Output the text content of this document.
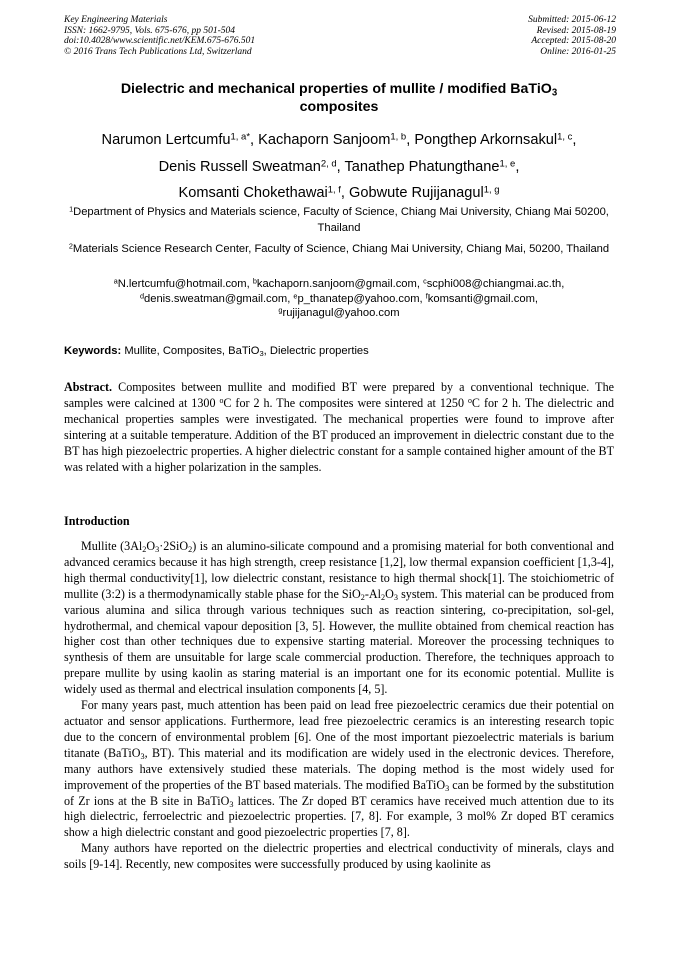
Key Engineering Materials
ISSN: 1662-9795, Vols. 675-676, pp 501-504
doi:10.4028/www.scientific.net/KEM.675-676.501
© 2016 Trans Tech Publications Ltd, Switzerland
Submitted: 2015-06-12
Revised: 2015-08-19
Accepted: 2015-08-20
Online: 2016-01-25
Dielectric and mechanical properties of mullite / modified BaTiO$_3$
composites
Narumon Lertcumfu$^{1, a*}$, Kachaporn Sanjoom$^{1, b}$, Pongthep Arkornsakul$^{1, c}$,
Denis Russell Sweatman$^{2, d}$, Tanathep Phatungthane$^{1, e}$,
Komsanti Chokethawai$^{1, f}$, Gobwute Rujijanagul$^{1, g}$
$^1$Department of Physics and Materials science, Faculty of Science, Chiang Mai University, Chiang Mai 50200, Thailand
$^2$Materials Science Research Center, Faculty of Science, Chiang Mai University, Chiang Mai, 50200, Thailand
$^a$N.lertcumfu@hotmail.com, $^b$kachaporn.sanjoom@gmail.com, $^c$scphi008@chiangmai.ac.th,
$^d$denis.sweatman@gmail.com, $^e$p_thanatep@yahoo.com, $^f$komsanti@gmail.com,
$^g$rujijanagul@yahoo.com
Keywords: Mullite, Composites, BaTiO$_3$, Dielectric properties
Abstract. Composites between mullite and modified BT were prepared by a conventional technique. The samples were calcined at 1300 $^o$C for 2 h. The composites were sintered at 1250 $^o$C for 2 h. The dielectric and mechanical properties samples were investigated. The mechanical properties were found to improve after sintering at a suitable temperature. Addition of the BT produced an improvement in dielectric constant due to the BT has high piezoelectric properties. A higher dielectric constant for a sample contained higher amount of the BT was related with a higher polarization in the samples.
Introduction

Mullite $(3Al_2O_3\cdot 2SiO_2)$ is an alumino-silicate compound and a promising material for both conventional and advanced ceramics because it has high strength, creep resistance [1,2], low thermal expansion coefficient [1,3-4], high thermal conductivity[1], low dielectric constant, resistance to high thermal shock[1]. The stoichiometric of mullite (3:2) is a thermodynamically stable phase for the $SiO_2-Al_2O_3$ system. This material can be produced from various alumina and silica through various techniques such as reaction sintering, co-precipitation, sol-gel, hydrothermal, and chemical vapour deposition [3, 5]. However, the mullite obtained from chemical reaction has higher cost than other techniques due to expensive starting material. Moreover the processing techniques to synthesis of them are unsuitable for large scale commercial production. Therefore, the techniques approach to prepare mullite by using kaolin as staring material is an important one for its economic potential. Mullite is widely used as thermal and electrical insulation components [4, 5].

For many years past, much attention has been paid on lead free piezoelectric ceramics due their potential on actuator and sensor applications. Furthermore, lead free piezoelectric ceramics is an interesting research topic due to the concern of environmental problem [6]. One of the most important piezoelectric materials is barium titanate (BaTiO$_3$, BT). This material and its modification are widely used in the electronic devices. Therefore, many authors have extensively studied these materials. The doping method is the most widely used for improvement of the properties of the BT based materials. The modified BaTiO$_3$ can be formed by the substitution of Zr ions at the B site in BaTiO$_3$ lattices. The Zr doped BT ceramics have received much attention due to its high dielectric, ferroelectric and piezoelectric properties. [7, 8]. For example, 3 mol% Zr doped BT ceramics show a high dielectric constant and good piezoelectric properties [7, 8].

Many authors have reported on the dielectric properties and electrical conductivity of minerals, clays and soils [9-14]. Recently, new composites were successfully produced by using kaolinite as
